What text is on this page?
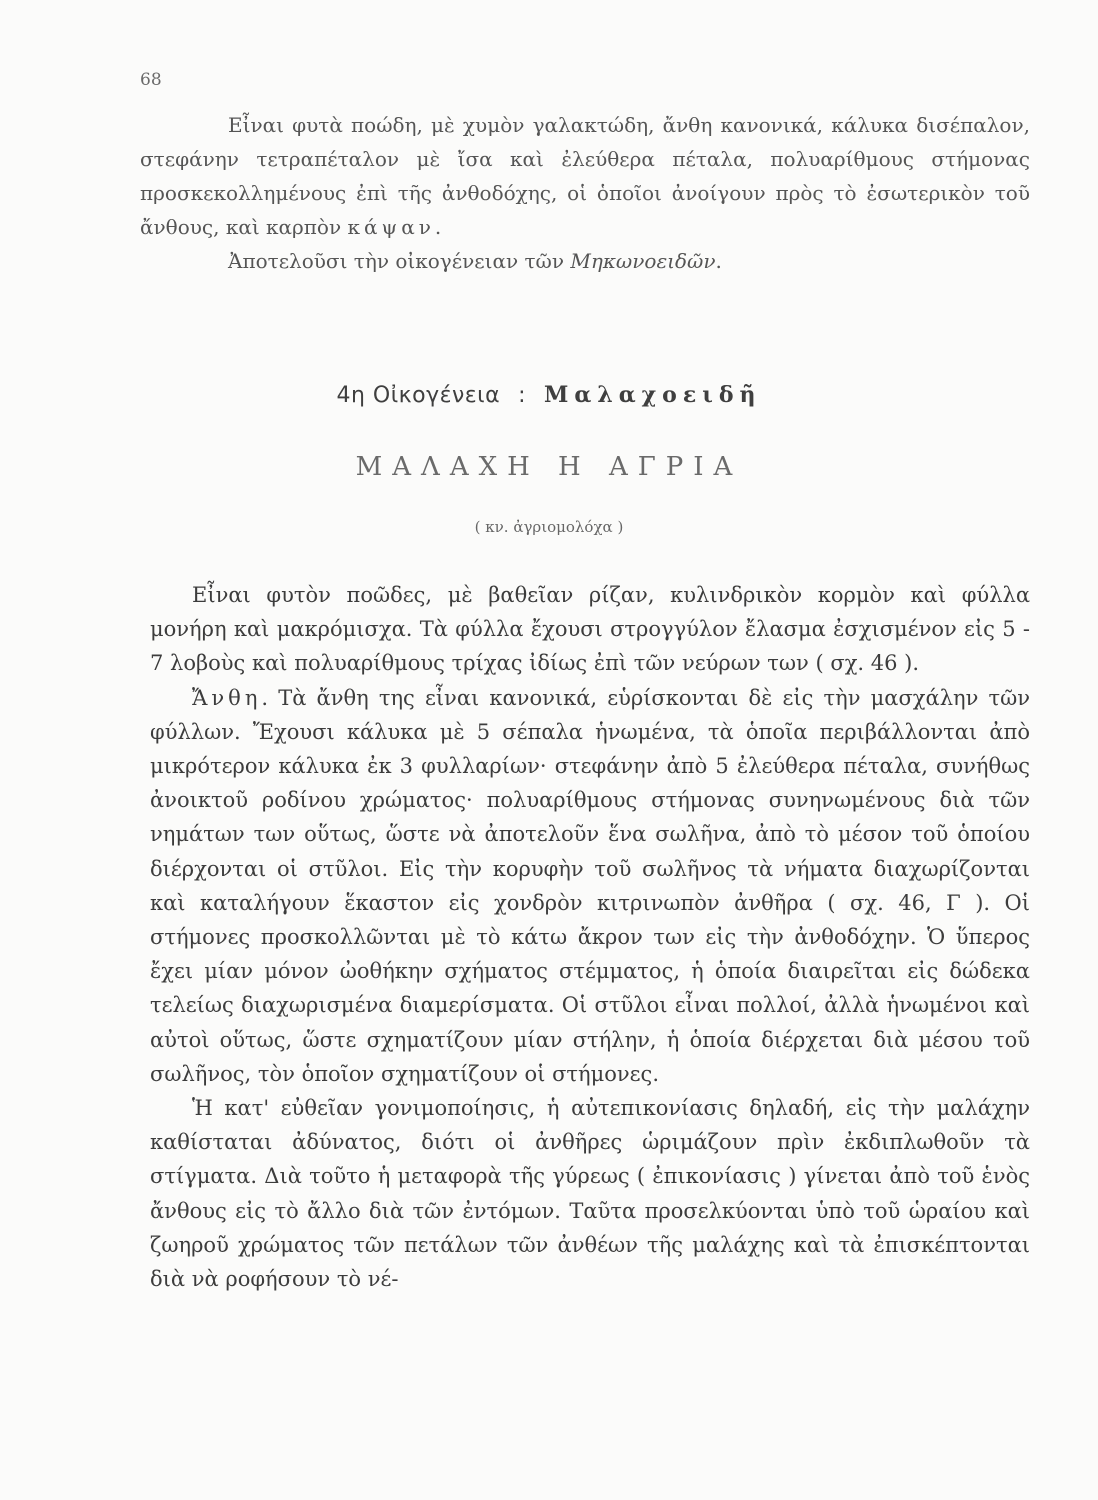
68

Εἶναι φυτὰ ποώδη, μὲ χυμὸν γαλακτώδη, ἄνθη κανονικά, κάλυκα δισέπαλον, στεφάνην τετραπέταλον μὲ ἴσα καὶ ἐλεύθερα πέταλα, πολυαρίθμους στήμονας προσκεκολλημένους ἐπὶ τῆς ἀνθοδόχης, οἱ ὁποῖοι ἀνοίγουν πρὸς τὸ ἐσωτερικὸν τοῦ ἄνθους, καὶ καρπὸν κάψαν.

Ἀποτελοῦσι τὴν οἰκογένειαν τῶν Μηκωνοειδῶν.

4η Οἰκογένεια : Μαλαχοειδῆ
ΜΑΛΑΧΗ Η ΑΓΡΙΑ
( κν. ἀγριομολόχα )

Εἶναι φυτὸν ποῶδες, μὲ βαθεῖαν ρίζαν, κυλινδρικὸν κορμὸν καὶ φύλλα μονήρη καὶ μακρόμισχα. Τὰ φύλλα ἔχουσι στρογγύλον ἔλασμα ἐσχισμένον εἰς 5 - 7 λοβοὺς καὶ πολυαρίθμους τρίχας ἰδίως ἐπὶ τῶν νεύρων των ( σχ. 46 ).

Ἄνθη. Τὰ ἄνθη της εἶναι κανονικά, εὑρίσκονται δὲ εἰς τὴν μασχάλην τῶν φύλλων. Ἔχουσι κάλυκα μὲ 5 σέπαλα ἡνωμένα, τὰ ὁποῖα περιβάλλονται ἀπὸ μικρότερον κάλυκα ἐκ 3 φυλλαρίων· στεφάνην ἀπὸ 5 ἐλεύθερα πέταλα, συνήθως ἀνοικτοῦ ροδίνου χρώματος· πολυαρίθμους στήμονας συνηνωμένους διὰ τῶν νημάτων των οὕτως, ὥστε νὰ ἀποτελοῦν ἕνα σωλῆνα, ἀπὸ τὸ μέσον τοῦ ὁποίου διέρχονται οἱ στῦλοι. Εἰς τὴν κορυφὴν τοῦ σωλῆνος τὰ νήματα διαχωρίζονται καὶ καταλήγουν ἕκαστον εἰς χονδρὸν κιτρινωπὸν ἀνθῆρα ( σχ. 46, Γ ). Οἱ στήμονες προσκολλῶνται μὲ τὸ κάτω ἄκρον των εἰς τὴν ἀνθοδόχην. Ὁ ὕπερος ἔχει μίαν μόνον ὠοθήκην σχήματος στέμματος, ἡ ὁποία διαιρεῖται εἰς δώδεκα τελείως διαχωρισμένα διαμερίσματα. Οἱ στῦλοι εἶναι πολλοί, ἀλλὰ ἡνωμένοι καὶ αὐτοὶ οὕτως, ὥστε σχηματίζουν μίαν στήλην, ἡ ὁποία διέρχεται διὰ μέσου τοῦ σωλῆνος, τὸν ὁποῖον σχηματίζουν οἱ στήμονες.

Ἡ κατ' εὐθεῖαν γονιμοποίησις, ἡ αὐτεπικονίασις δηλαδή, εἰς τὴν μαλάχην καθίσταται ἀδύνατος, διότι οἱ ἀνθῆρες ὡριμάζουν πρὶν ἐκδιπλωθοῦν τὰ στίγματα. Διὰ τοῦτο ἡ μεταφορὰ τῆς γύρεως ( ἐπικονίασις ) γίνεται ἀπὸ τοῦ ἑνὸς ἄνθους εἰς τὸ ἄλλο διὰ τῶν ἐντόμων. Ταῦτα προσελκύονται ὑπὸ τοῦ ὡραίου καὶ ζωηροῦ χρώματος τῶν πετάλων τῶν ἀνθέων τῆς μαλάχης καὶ τὰ ἐπισκέπτονται διὰ νὰ ροφήσουν τὸ νέ-
